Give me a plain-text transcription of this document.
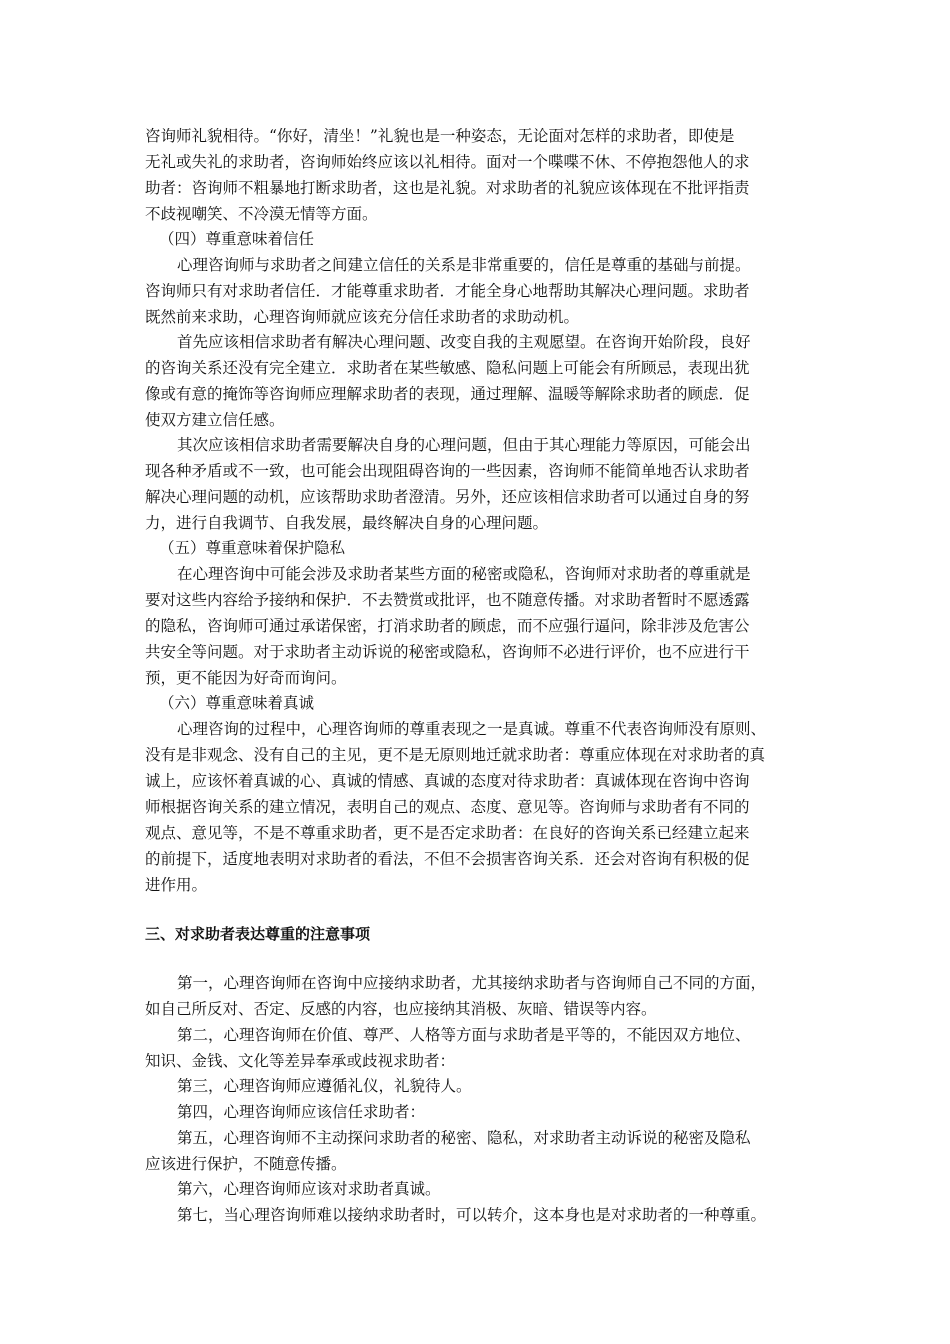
咨询师礼貌相待。“你好，清坐！”礼貌也是一种姿态，无论面对怎样的求助者，即使是
无礼或失礼的求助者，咨询师始终应该以礼相待。面对一个喋喋不休、不停抱怨他人的求
助者：咨询师不粗暴地打断求助者，这也是礼貌。对求助者的礼貌应该体现在不批评指责
不歧视嘲笑、不冷漠无情等方面。
（四）尊重意味着信任
心理咨询师与求助者之间建立信任的关系是非常重要的，信任是尊重的基础与前提。
咨询师只有对求助者信任．才能尊重求助者．才能全身心地帮助其解决心理问题。求助者
既然前来求助，心理咨询师就应该充分信任求助者的求助动机。
首先应该相信求助者有解决心理问题、改变自我的主观愿望。在咨询开始阶段，良好
的咨询关系还没有完全建立．求助者在某些敏感、隐私问题上可能会有所顾忌，表现出犹
像或有意的掩饰等咨询师应理解求助者的表现，通过理解、温暖等解除求助者的顾虑．促
使双方建立信任感。
其次应该相信求助者需要解决自身的心理问题，但由于其心理能力等原因，可能会出
现各种矛盾或不一致，也可能会出现阻碍咨询的一些因素，咨询师不能简单地否认求助者
解决心理问题的动机，应该帮助求助者澄清。另外，还应该相信求助者可以通过自身的努
力，进行自我调节、自我发展，最终解决自身的心理问题。
（五）尊重意味着保护隐私
在心理咨询中可能会涉及求助者某些方面的秘密或隐私，咨询师对求助者的尊重就是
要对这些内容给予接纳和保护．不去赞赏或批评，也不随意传播。对求助者暂时不愿透露
的隐私，咨询师可通过承诺保密，打消求助者的顾虑，而不应强行逼问，除非涉及危害公
共安全等问题。对于求助者主动诉说的秘密或隐私，咨询师不必进行评价，也不应进行干
预，更不能因为好奇而询问。
（六）尊重意味着真诚
心理咨询的过程中，心理咨询师的尊重表现之一是真诚。尊重不代表咨询师没有原则、
没有是非观念、没有自己的主见，更不是无原则地迁就求助者：尊重应体现在对求助者的真
诚上，应该怀着真诚的心、真诚的情感、真诚的态度对待求助者：真诚体现在咨询中咨询
师根据咨询关系的建立情况，表明自己的观点、态度、意见等。咨询师与求助者有不同的
观点、意见等，不是不尊重求助者，更不是否定求助者：在良好的咨询关系已经建立起来
的前提下，适度地表明对求助者的看法，不但不会损害咨询关系．还会对咨询有积极的促
进作用。
三、对求助者表达尊重的注意事项
第一，心理咨询师在咨询中应接纳求助者，尤其接纳求助者与咨询师自己不同的方面，
如自己所反对、否定、反感的内容，也应接纳其消极、灰暗、错误等内容。
第二，心理咨询师在价值、尊严、人格等方面与求助者是平等的，不能因双方地位、
知识、金钱、文化等差异奉承或歧视求助者：
第三，心理咨询师应遵循礼仪，礼貌待人。
第四，心理咨询师应该信任求助者：
第五，心理咨询师不主动探问求助者的秘密、隐私，对求助者主动诉说的秘密及隐私
应该进行保护，不随意传播。
第六，心理咨询师应该对求助者真诚。
第七，当心理咨询师难以接纳求助者时，可以转介，这本身也是对求助者的一种尊重。
